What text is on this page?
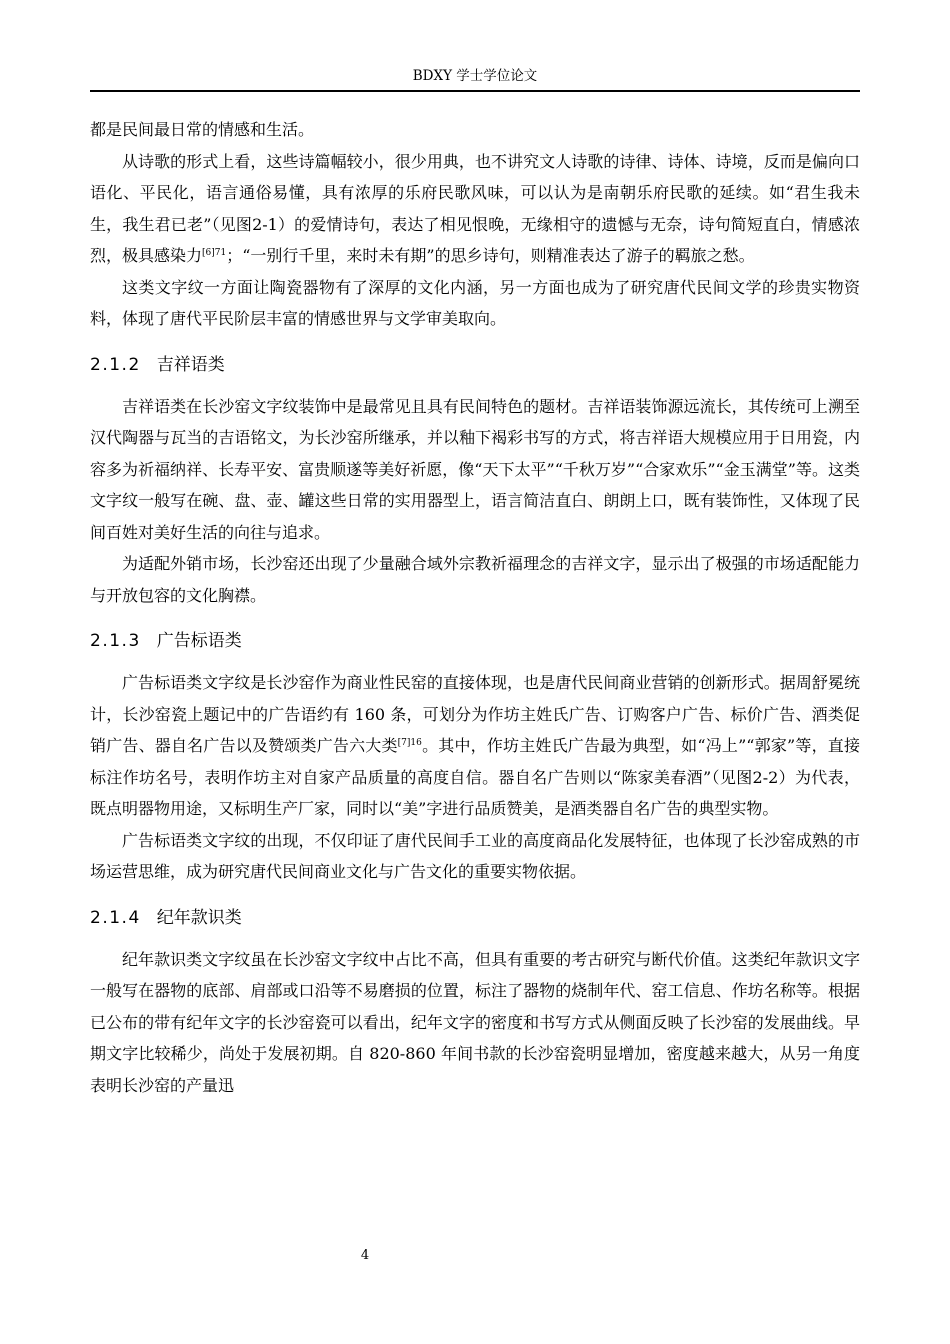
BDXY 学士学位论文

都是民间最日常的情感和生活。

从诗歌的形式上看，这些诗篇幅较小，很少用典，也不讲究文人诗歌的诗律、诗体、诗境，反而是偏向口语化、平民化，语言通俗易懂，具有浓厚的乐府民歌风味，可以认为是南朝乐府民歌的延续。如“君生我未生，我生君已老”（见图2-1）的爱情诗句，表达了相见恨晚，无缘相守的遗憾与无奈，诗句简短直白，情感浓烈，极具感染力$^{[6]71}$；“一别行千里，来时未有期”的思乡诗句，则精准表达了游子的羁旅之愁。

这类文字纹一方面让陶瓷器物有了深厚的文化内涵，另一方面也成为了研究唐代民间文学的珍贵实物资料，体现了唐代平民阶层丰富的情感世界与文学审美取向。

2.1.2 吉祥语类

吉祥语类在长沙窑文字纹装饰中是最常见且具有民间特色的题材。吉祥语装饰源远流长，其传统可上溯至汉代陶器与瓦当的吉语铭文，为长沙窑所继承，并以釉下褐彩书写的方式，将吉祥语大规模应用于日用瓷，内容多为祈福纳祥、长寿平安、富贵顺遂等美好祈愿，像“天下太平”“千秋万岁”“合家欢乐”“金玉满堂”等。这类文字纹一般写在碗、盘、壶、罐这些日常的实用器型上，语言简洁直白、朗朗上口，既有装饰性，又体现了民间百姓对美好生活的向往与追求。

为适配外销市场，长沙窑还出现了少量融合域外宗教祈福理念的吉祥文字，显示出了极强的市场适配能力与开放包容的文化胸襟。

2.1.3 广告标语类

广告标语类文字纹是长沙窑作为商业性民窑的直接体现，也是唐代民间商业营销的创新形式。据周舒冕统计，长沙窑瓷上题记中的广告语约有 160 条，可划分为作坊主姓氏广告、订购客户广告、标价广告、酒类促销广告、器自名广告以及赞颂类广告六大类$^{[7]16}$。其中，作坊主姓氏广告最为典型，如“冯上”“郭家”等，直接标注作坊名号，表明作坊主对自家产品质量的高度自信。器自名广告则以“陈家美春酒”（见图2-2）为代表，既点明器物用途，又标明生产厂家，同时以“美”字进行品质赞美，是酒类器自名广告的典型实物。

广告标语类文字纹的出现，不仅印证了唐代民间手工业的高度商品化发展特征，也体现了长沙窑成熟的市场运营思维，成为研究唐代民间商业文化与广告文化的重要实物依据。

2.1.4 纪年款识类

纪年款识类文字纹虽在长沙窑文字纹中占比不高，但具有重要的考古研究与断代价值。这类纪年款识文字一般写在器物的底部、肩部或口沿等不易磨损的位置，标注了器物的烧制年代、窑工信息、作坊名称等。根据已公布的带有纪年文字的长沙窑瓷可以看出，纪年文字的密度和书写方式从侧面反映了长沙窑的发展曲线。早期文字比较稀少，尚处于发展初期。自 820-860 年间书款的长沙窑瓷明显增加，密度越来越大，从另一角度表明长沙窑的产量迅

4
